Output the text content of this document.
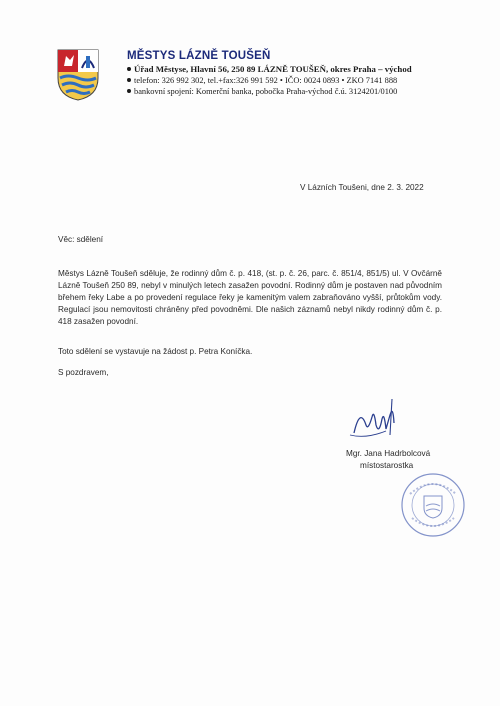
MĚSTYS LÁZNĚ TOUŠEŇ
Úřad Městyse, Hlavní 56, 250 89 LÁZNĚ TOUŠEŇ, okres Praha – východ
telefon: 326 992 302, tel.+fax:326 991 592 • IČO: 0024 0893 • ZKO 7141 888
bankovní spojení: Komerční banka, pobočka Praha-východ č.ú. 3124201/0100
V Lázních Toušeni, dne 2. 3. 2022
Věc: sdělení

Městys Lázně Toušeň sděluje, že rodinný dům č. p. 418, (st. p. č. 26, parc. č. 851/4, 851/5) ul. V Ovčárně Lázně Toušeň 250 89, nebyl v minulých letech zasažen povodní. Rodinný dům je postaven nad původním břehem řeky Labe a po provedení regulace řeky je kamenitým valem zabraňováno vyšší, průtokům vody. Regulací jsou nemovitosti chráněny před povodněmi. Dle našich záznamů nebyl nikdy rodinný dům č. p. 418 zasažen povodní.

Toto sdělení se vystavuje na žádost p. Petra Koníčka.
S pozdravem,
Mgr. Jana Hadrbolcová
místostarostka
